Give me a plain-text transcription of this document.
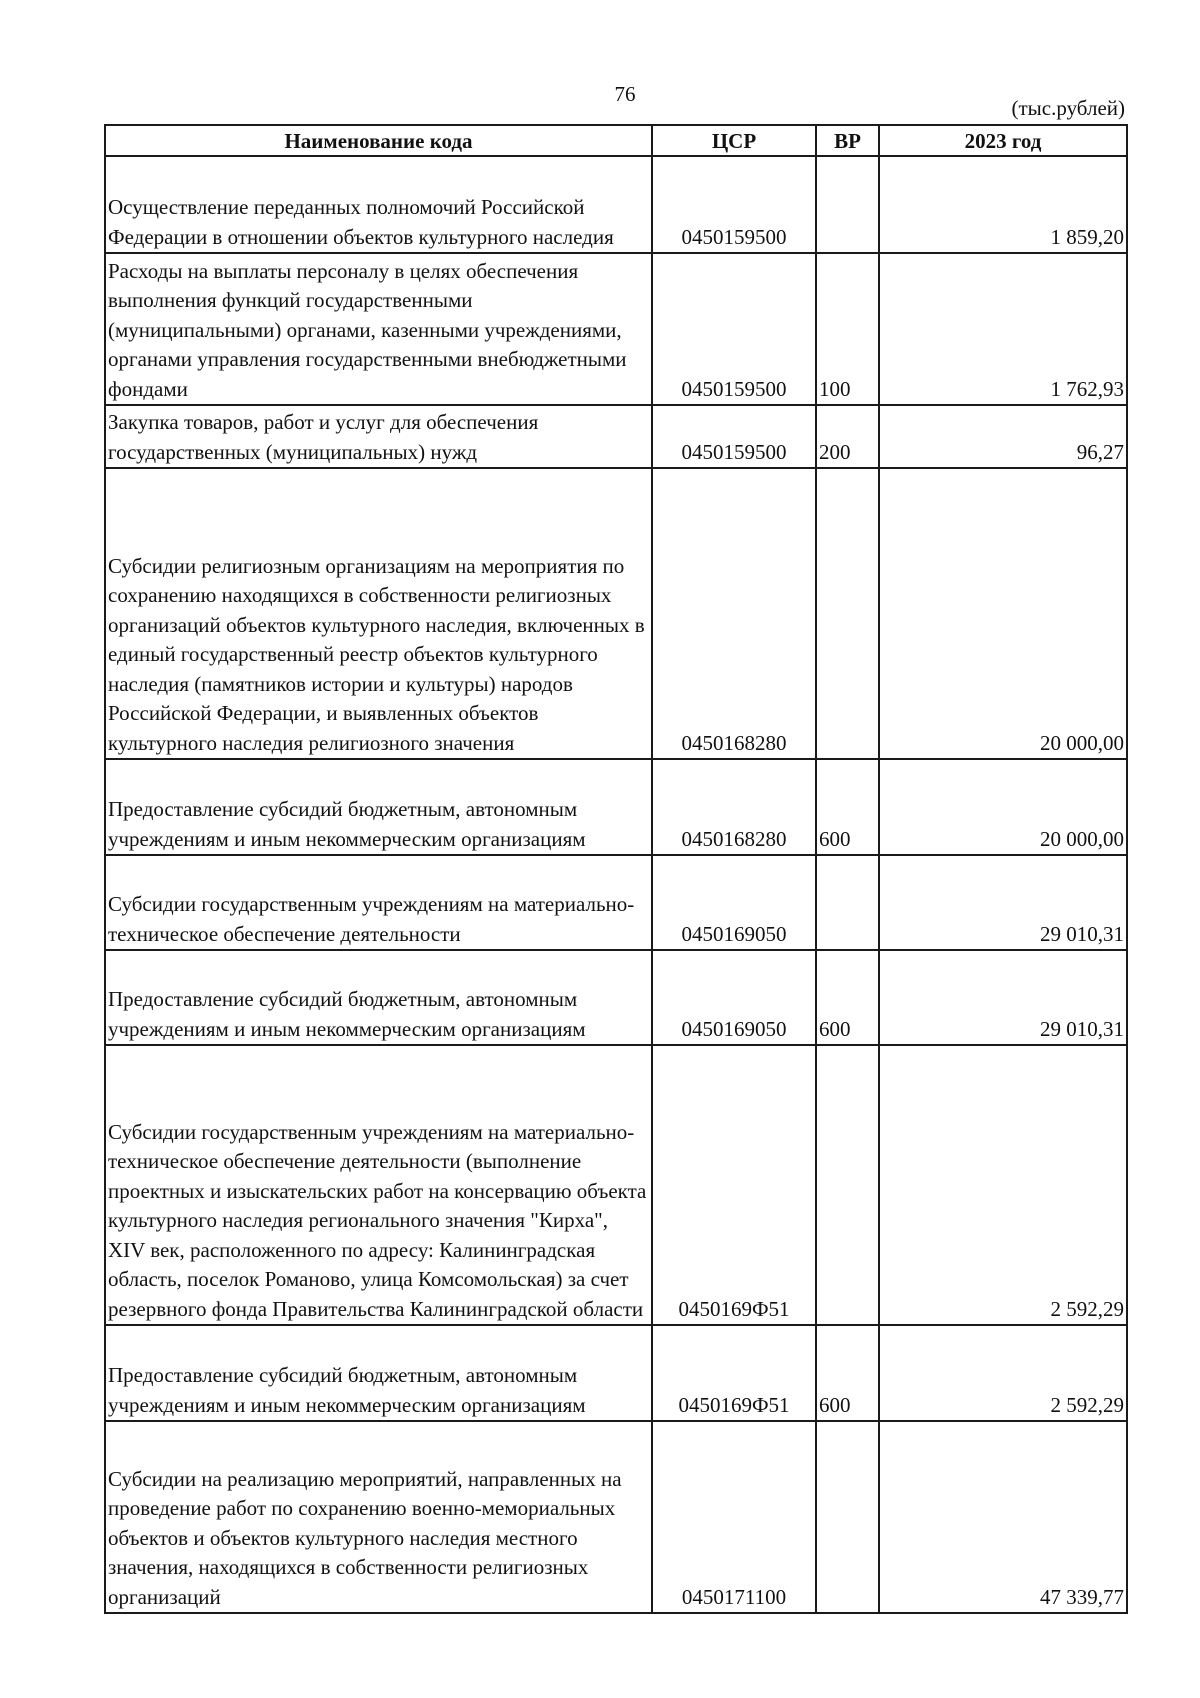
76
(тыс.рублей)
Наименование кода	ЦСР	ВР	2023 год
Осуществление переданных полномочий Российской Федерации в отношении объектов культурного наследия	0450159500		1 859,20
Расходы на выплаты персоналу в целях обеспечения выполнения функций государственными (муниципальными) органами, казенными учреждениями, органами управления государственными внебюджетными фондами	0450159500	100	1 762,93
Закупка товаров, работ и услуг для обеспечения государственных (муниципальных) нужд	0450159500	200	96,27
Субсидии религиозным организациям на мероприятия по сохранению находящихся в собственности религиозных организаций объектов культурного наследия, включенных в единый государственный реестр объектов культурного наследия (памятников истории и культуры) народов Российской Федерации, и выявленных объектов культурного наследия религиозного значения	0450168280		20 000,00
Предоставление субсидий бюджетным, автономным учреждениям и иным некоммерческим организациям	0450168280	600	20 000,00
Субсидии государственным учреждениям на материально-техническое обеспечение деятельности	0450169050		29 010,31
Предоставление субсидий бюджетным, автономным учреждениям и иным некоммерческим организациям	0450169050	600	29 010,31
Субсидии государственным учреждениям на материально-техническое обеспечение деятельности (выполнение проектных и изыскательских работ на консервацию объекта культурного наследия регионального значения "Кирха", XIV век, расположенного по адресу: Калининградская область, поселок Романово, улица Комсомольская) за счет резервного фонда Правительства Калининградской области	0450169Ф51		2 592,29
Предоставление субсидий бюджетным, автономным учреждениям и иным некоммерческим организациям	0450169Ф51	600	2 592,29
Субсидии на реализацию мероприятий, направленных на проведение работ по сохранению военно-мемориальных объектов и объектов культурного наследия местного значения, находящихся в собственности религиозных организаций	0450171100		47 339,77
